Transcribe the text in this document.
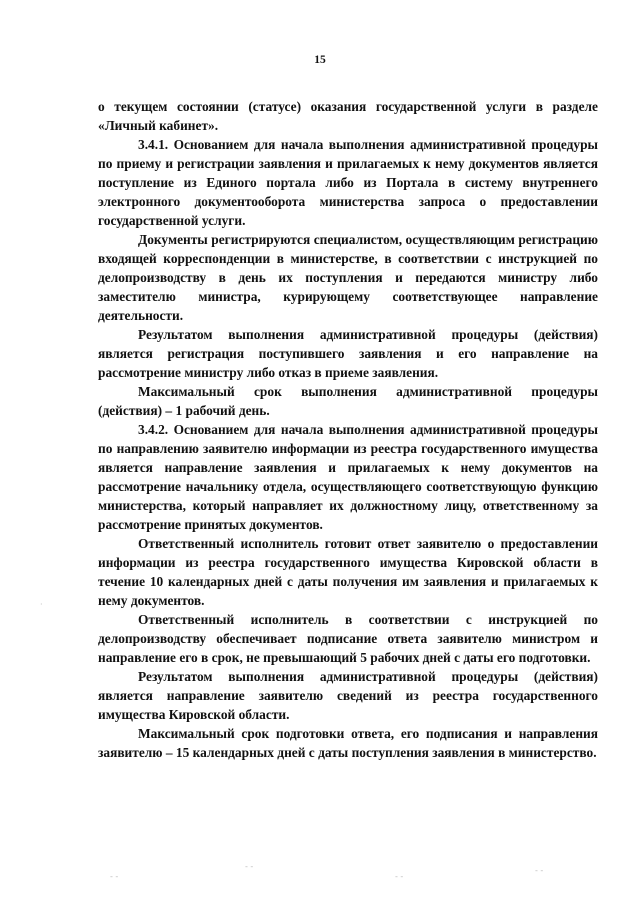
15

о текущем состоянии (статусе) оказания государственной услуги в разделе «Личный кабинет».

3.4.1. Основанием для начала выполнения административной процедуры по приему и регистрации заявления и прилагаемых к нему документов является поступление из Единого портала либо из Портала в систему внутреннего электронного документооборота министерства запроса о предоставлении государственной услуги.

Документы регистрируются специалистом, осуществляющим регистрацию входящей корреспонденции в министерстве, в соответствии с инструкцией по делопроизводству в день их поступления и передаются министру либо заместителю министра, курирующему соответствующее направление деятельности.

Результатом выполнения административной процедуры (действия) является регистрация поступившего заявления и его направление на рассмотрение министру либо отказ в приеме заявления.

Максимальный срок выполнения административной процедуры (действия) – 1 рабочий день.

3.4.2. Основанием для начала выполнения административной процедуры по направлению заявителю информации из реестра государственного имущества является направление заявления и прилагаемых к нему документов на рассмотрение начальнику отдела, осуществляющего соответствующую функцию министерства, который направляет их должностному лицу, ответственному за рассмотрение принятых документов.

Ответственный исполнитель готовит ответ заявителю о предоставлении информации из реестра государственного имущества Кировской области в течение 10 календарных дней с даты получения им заявления и прилагаемых к нему документов.

Ответственный исполнитель в соответствии с инструкцией по делопроизводству обеспечивает подписание ответа заявителю министром и направление его в срок, не превышающий 5 рабочих дней с даты его подготовки.

Результатом выполнения административной процедуры (действия) является направление заявителю сведений из реестра государственного имущества Кировской области.

Максимальный срок подготовки ответа, его подписания и направления заявителю – 15 календарных дней с даты поступления заявления в министерство.

·
- -
- -
- -
- -
